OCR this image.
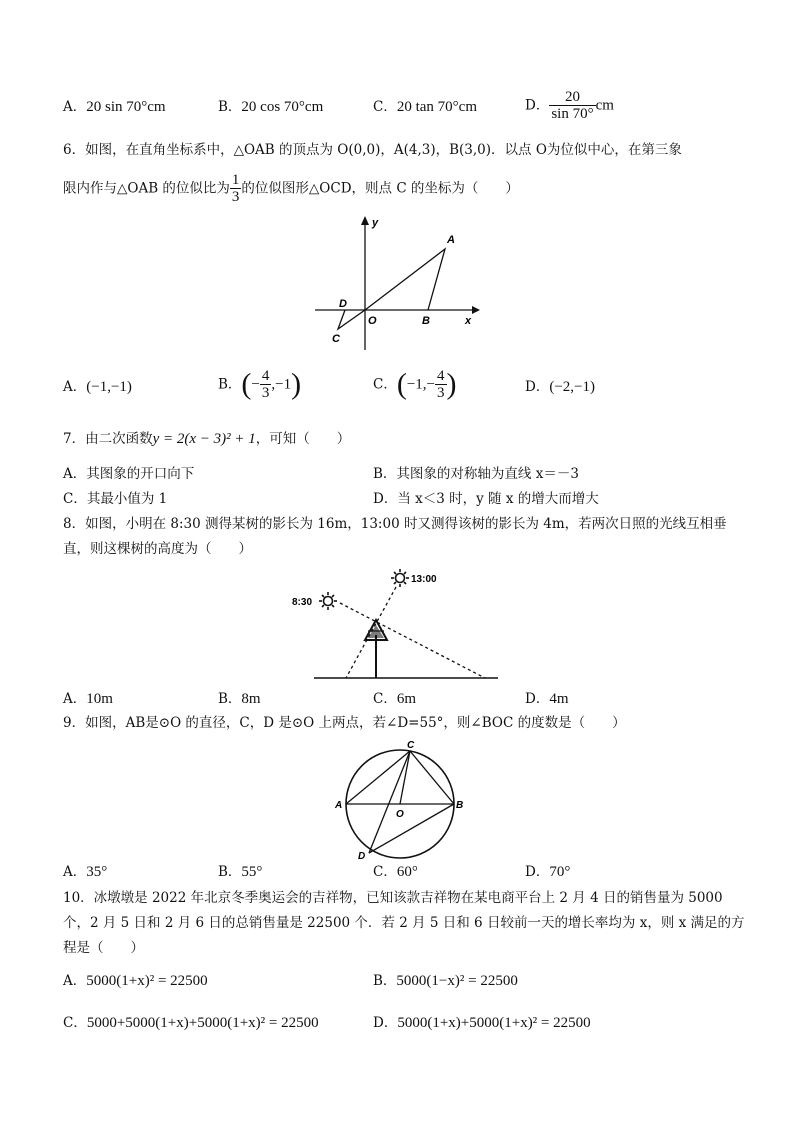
A．20 sin 70°cm	B．20 cos 70°cm	C．20 tan 70°cm	D． $\frac{20}{\sin 70^\circ}$ cm
6．如图，在直角坐标系中，△OAB 的顶点为 O(0,0)，A(4,3)，B(3,0)．以点 O为位似中心，在第三象
限内作与△OAB 的位似比为 $\frac{1}{3}$ 的位似图形△OCD，则点 C 的坐标为（　　）
y
x
A
B
O
D
C
A．(−1,−1)	B．(− $\frac{4}{3} ,-1$)	C．($-1,- \frac{4}{3}$ )	D．(−2,−1)
7．由二次函数y = 2(x − 3)² + 1，可知（　　）
A．其图象的开口向下	B．其图象的对称轴为直线 x＝－3
C．其最小值为 1	D．当 x＜3 时，y 随 x 的增大而增大
8．如图，小明在 8:30 测得某树的影长为 16m，13:00 时又测得该树的影长为 4m，若两次日照的光线互相垂
直，则这棵树的高度为（　　）
8:30
13:00
A．10m	B．8m	C．6m	D．4m
9．如图，AB是⊙O 的直径，C，D 是⊙O 上两点，若∠D=55°，则∠BOC 的度数是（　　）
A	B
C
D
O
A．35°	B．55°	C．60°	D．70°
10．冰墩墩是 2022 年北京冬季奥运会的吉祥物，已知该款吉祥物在某电商平台上 2 月 4 日的销售量为 5000
个，2 月 5 日和 2 月 6 日的总销售量是 22500 个．若 2 月 5 日和 6 日较前一天的增长率均为 x，则 x 满足的方
程是（　　）
A．5000(1+x)² = 22500	B．5000(1−x)² = 22500
C．5000+5000(1+x)+5000(1+x)² = 22500	D．5000(1+x)+5000(1+x)² = 22500
